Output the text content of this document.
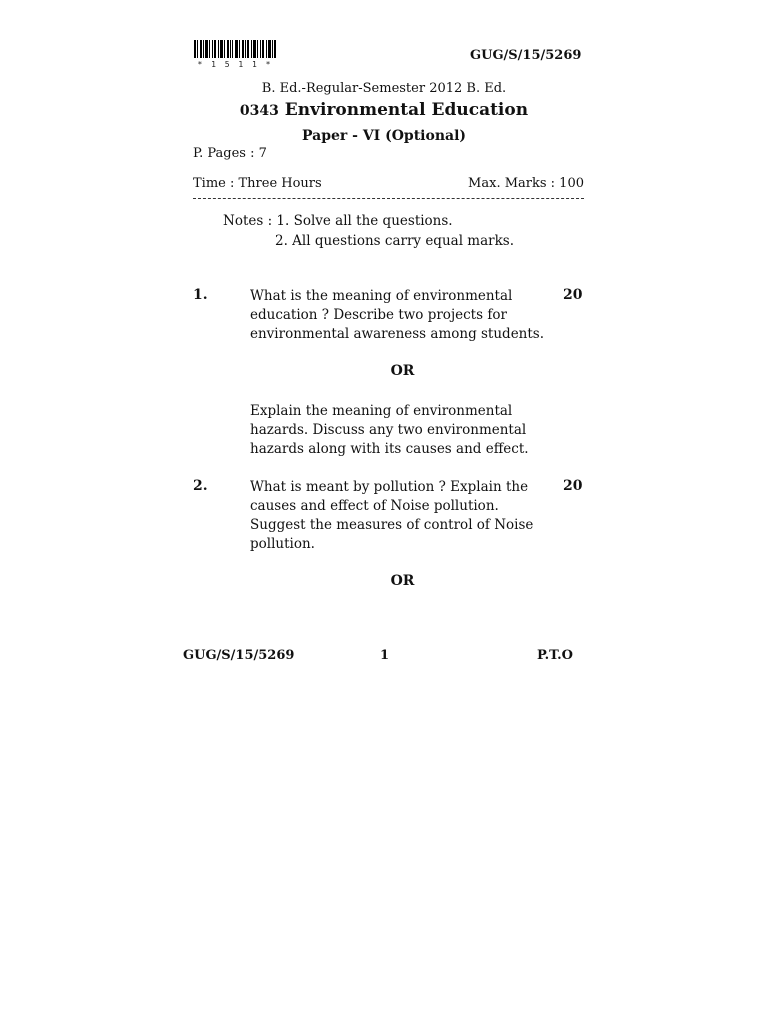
* 1 5 1 1 *
GUG/S/15/5269
B. Ed.-Regular-Semester 2012 B. Ed.
0343 Environmental Education
Paper - VI (Optional)
P. Pages : 7
Time : Three Hours	Max. Marks : 100
Notes : 1. Solve all the questions.
2. All questions carry equal marks.
1.	What is the meaning of environmental education ? Describe two projects for environmental awareness among students.
20
OR
Explain the meaning of environmental hazards. Discuss any two environmental hazards along with its causes and effect.
2.	What is meant by pollution ? Explain the causes and effect of Noise pollution. Suggest the measures of control of Noise pollution.
20
OR
GUG/S/15/5269	1	P.T.O
